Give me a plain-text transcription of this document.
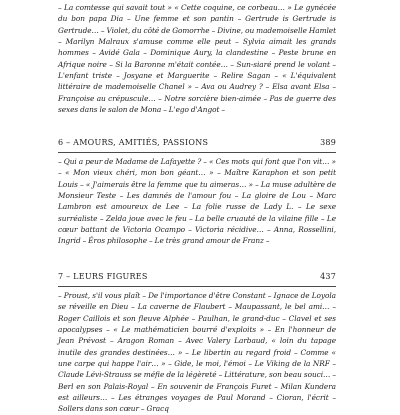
– La comtesse qui savait tout » « Cette coquine, ce corbeau… » Le gynécée du bon papa Dia – Une femme et son pantin – Gertrude is Gertrude is Gertrude… – Violet, du côté de Gomorrhe – Divine, ou mademoiselle Hamlet – Marilyn Malraux s'amuse comme elle peut – Sylvia aimait les grands hommes – Avidé Gala – Dominique Aury, la clandestine – Peste brune en Afrique noire – Si la Baronne m'était contée… – Sun-siaré prend le volant – L'enfant triste – Josyane et Marguerite – Relire Sagan – « L'équivalent littéraire de mademoiselle Chanel » – Ava ou Audrey ? – Elsa avant Elsa – Françoise au crépuscule… – Notre sorcière bien-aimée – Pas de guerre des sexes dans le salon de Mona – L'ego d'Angot –

6 – AMOURS, AMITIÉS, PASSIONS	389

– Qui a peur de Madame de Lafayette ? – « Ces mots qui font que l'on vit… » – « Mon vieux chéri, mon bon géant… » – Maître Karaphon et son petit Louis – « J'aimerais être la femme que tu aimeras… » – La muse adultère de Monsieur Teste – Les damnés de l'amour fou – La gloire de Lou – Marc Lambron est amoureux de Lee – La folie russe de Lady L. – Le sexe surréaliste – Zelda joue avec le feu – La belle cruauté de la vilaine fille – Le cœur battant de Victoria Ocampo – Victoria récidive… – Anna, Rossellini, Ingrid – Éros philosophe – Le très grand amour de Franz –

7 – LEURS FIGURES	437

– Proust, s'il vous plaît – De l'importance d'être Constant – Ignace de Loyola se réveille en Dieu – La caverne de Flaubert – Maupassant, le bel ami… – Roger Caillois et son fleuve Alphée – Paulhan, le grand-duc – Clavel et ses apocalypses – « Le mathématicien bourré d'exploits » – En l'honneur de Jean Prévost – Aragon Roman – Avec Valery Larbaud, « loin du tapage inutile des grandes destinées… » – Le libertin au regard froid – Comme « une carpe qui happe l'air… » – Gide, le moi, l'émoi – Le Viking de la NRF – Claude Lévi-Strauss se méfie de la légèreté – Littérature, son beau souci… – Berl en son Palais-Royal – En souvenir de François Furet – Milan Kundera est ailleurs… – Les étranges voyages de Paul Morand – Cioran, l'écrit – Sollers dans son cœur – Gracq
